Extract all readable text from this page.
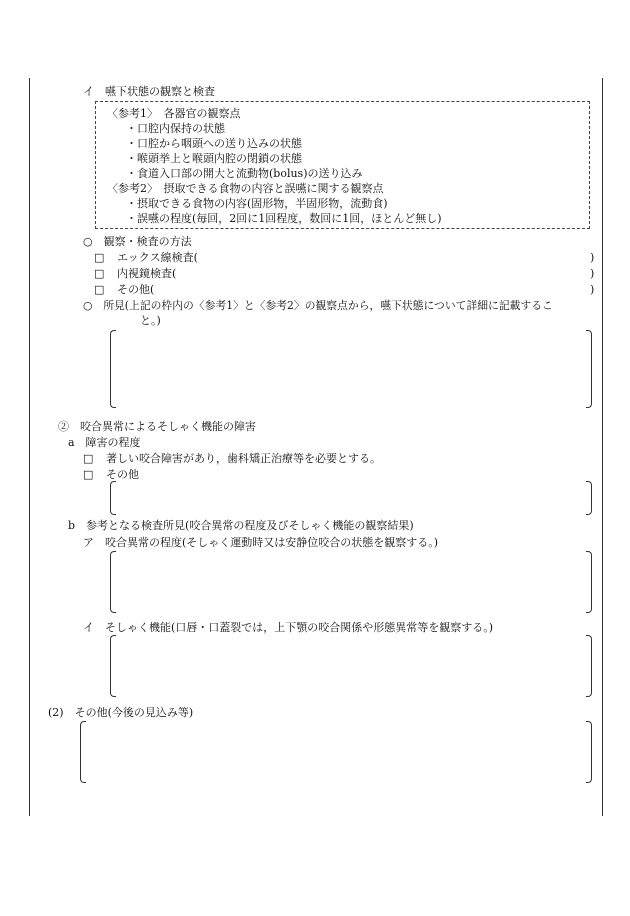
イ　嚥下状態の観察と検査
〈参考1〉　各器官の観察点
・口腔内保持の状態
・口腔から咽頭への送り込みの状態
・喉頭挙上と喉頭内腔の閉鎖の状態
・食道入口部の開大と流動物(bolus)の送り込み
〈参考2〉　摂取できる食物の内容と誤嚥に関する観察点
・摂取できる食物の内容(固形物，半固形物，流動食)
・誤嚥の程度(毎回，2回に1回程度，数回に1回，ほとんど無し)
○　観察・検査の方法
□ エックス線検査(	)
□ 内視鏡検査(	)
□ その他(	)
○　所見(上記の枠内の〈参考1〉と〈参考2〉の観察点から，嚥下状態について詳細に記載するこ
と。)
②　咬合異常によるそしゃく機能の障害
a　障害の程度
□ 著しい咬合障害があり，歯科矯正治療等を必要とする。
□ その他
b　参考となる検査所見(咬合異常の程度及びそしゃく機能の観察結果)
ア　咬合異常の程度(そしゃく運動時又は安静位咬合の状態を観察する。)
イ　そしゃく機能(口唇・口蓋裂では，上下顎の咬合関係や形態異常等を観察する。)
(2)　その他(今後の見込み等)
